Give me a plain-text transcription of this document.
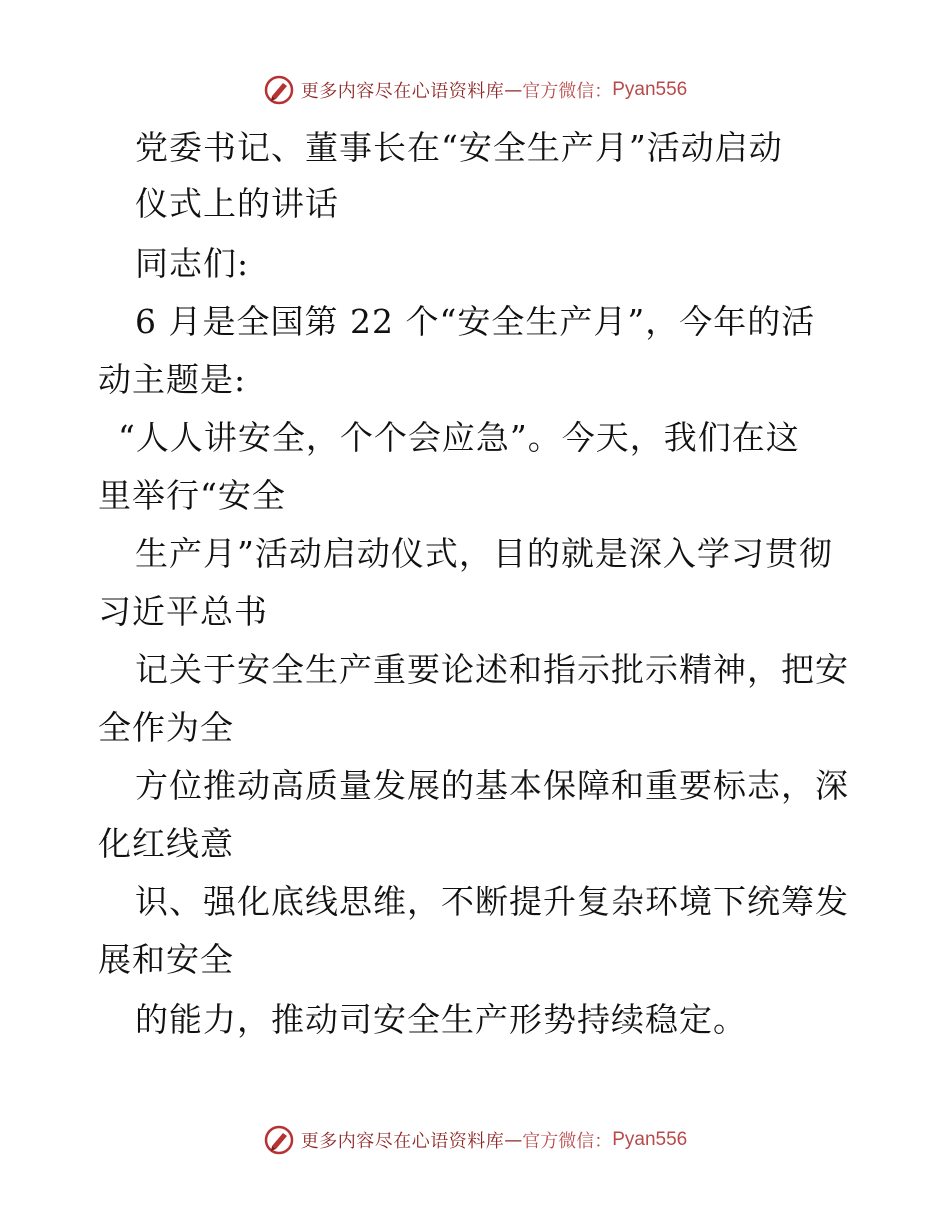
更多内容尽在心语资料库 — 官方微信： Pyan556
党委书记、董事长在“安全生产月”活动启动
仪式上的讲话
同志们:
6 月是全国第 22 个“安全生产月”，今年的活
动主题是:
“人人讲安全，个个会应急”。今天，我们在这
里举行“安全
生产月”活动启动仪式，目的就是深入学习贯彻
习近平总书
记关于安全生产重要论述和指示批示精神，把安
全作为全
方位推动高质量发展的基本保障和重要标志，深
化红线意
识、强化底线思维，不断提升复杂环境下统筹发
展和安全
的能力，推动司安全生产形势持续稳定。
更多内容尽在心语资料库 — 官方微信： Pyan556
